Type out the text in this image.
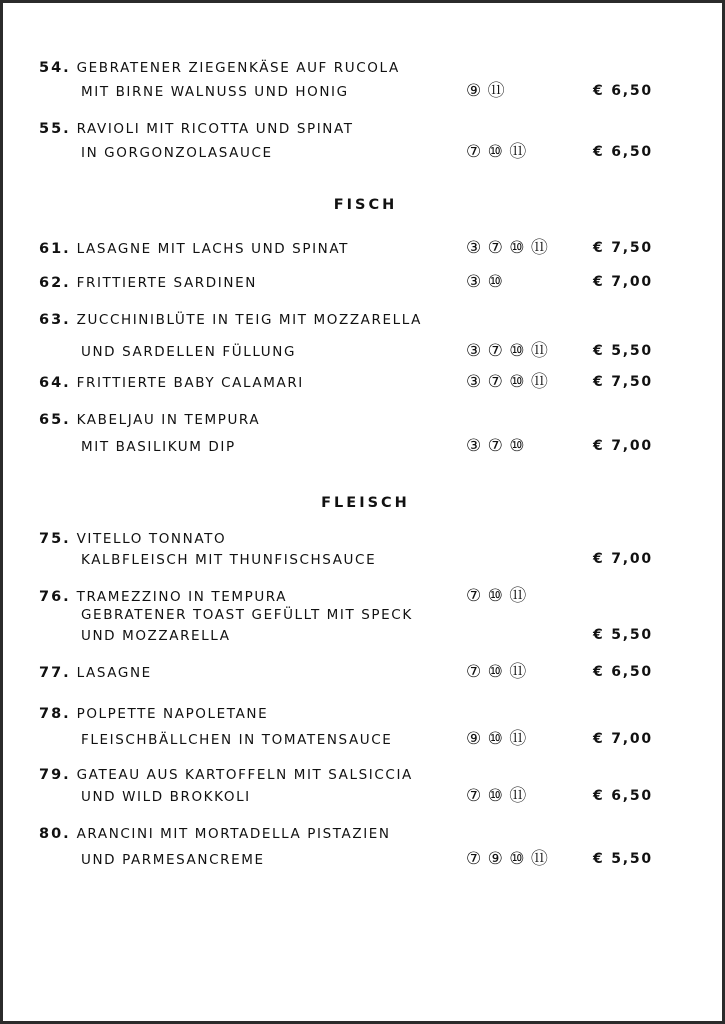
54. GEBRATENER ZIEGENKÄSE AUF RUCOLA
MIT BIRNE WALNUSS UND HONIG	⑨ ⑪	€ 6,50
55. RAVIOLI MIT RICOTTA UND SPINAT
IN GORGONZOLASAUCE	⑦ ⑩ ⑪	€ 6,50
FISCH
61. LASAGNE MIT LACHS UND SPINAT	③ ⑦ ⑩ ⑪	€ 7,50
62. FRITTIERTE SARDINEN	③ ⑩	€ 7,00
63. ZUCCHINIBLÜTE IN TEIG MIT MOZZARELLA
UND SARDELLEN FÜLLUNG	③ ⑦ ⑩ ⑪	€ 5,50
64. FRITTIERTE BABY CALAMARI	③ ⑦ ⑩ ⑪	€ 7,50
65. KABELJAU IN TEMPURA
MIT BASILIKUM DIP	③ ⑦ ⑩	€ 7,00
FLEISCH
75. VITELLO TONNATO
KALBFLEISCH MIT THUNFISCHSAUCE	€ 7,00
76. TRAMEZZINO IN TEMPURA	⑦ ⑩ ⑪
GEBRATENER TOAST GEFÜLLT MIT SPECK
UND MOZZARELLA	€ 5,50
77. LASAGNE	⑦ ⑩ ⑪	€ 6,50
78. POLPETTE NAPOLETANE
FLEISCHBÄLLCHEN IN TOMATENSAUCE	⑨ ⑩ ⑪	€ 7,00
79. GATEAU AUS KARTOFFELN MIT SALSICCIA
UND WILD BROKKOLI	⑦ ⑩ ⑪	€ 6,50
80. ARANCINI MIT MORTADELLA PISTAZIEN
UND PARMESANCREME	⑦ ⑨ ⑩ ⑪	€ 5,50
